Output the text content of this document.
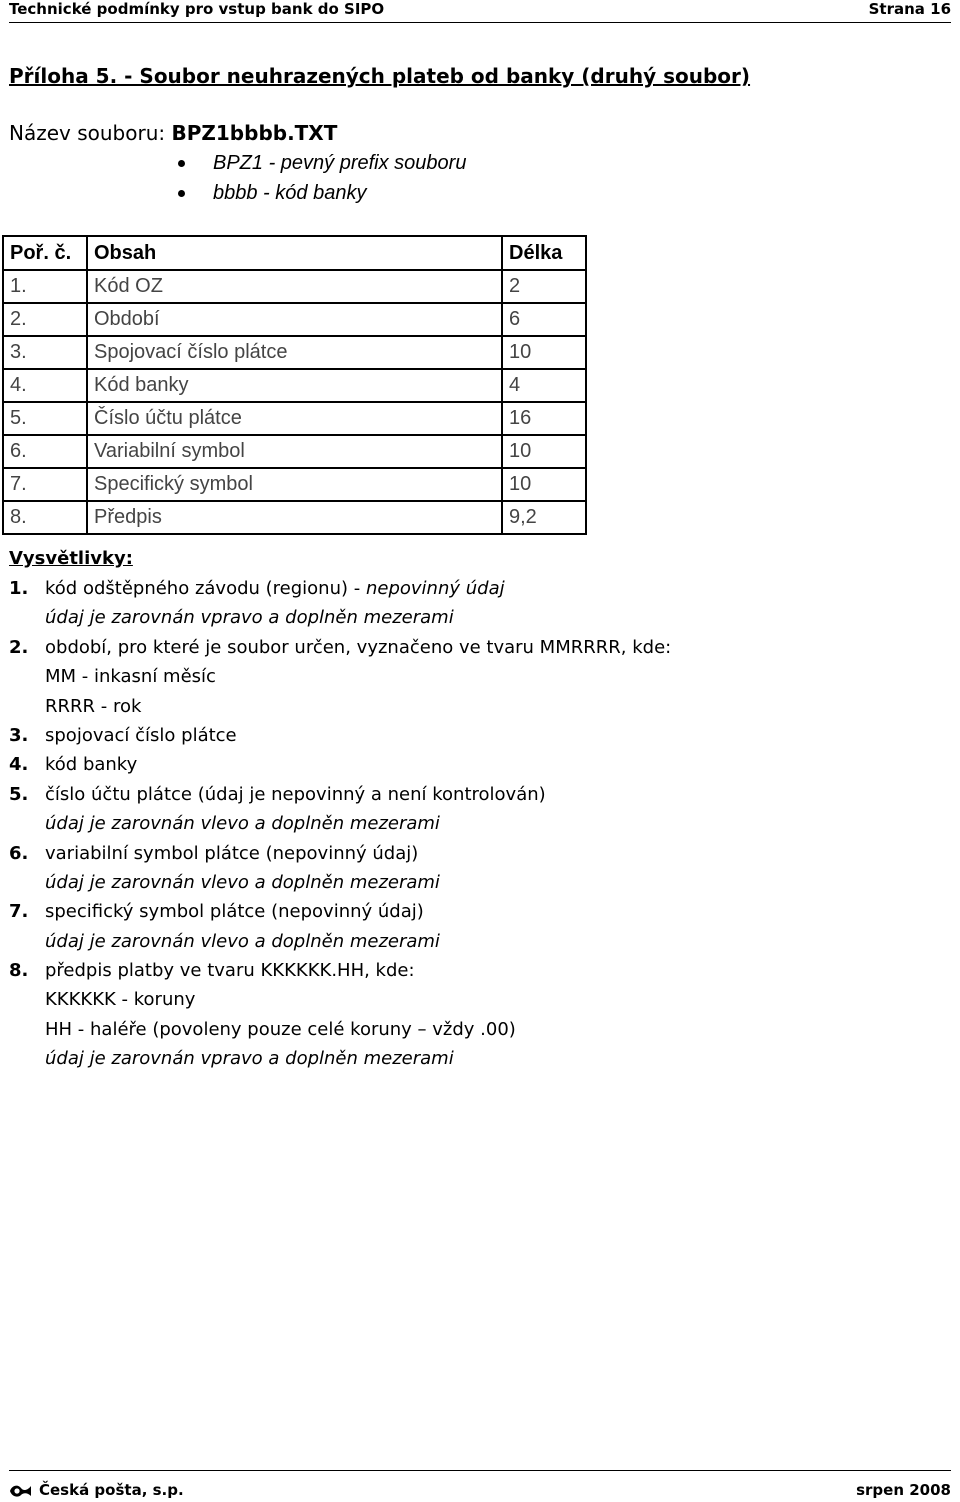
Technické podmínky pro vstup bank do SIPO	Strana 16
Příloha 5. - Soubor neuhrazených plateb od banky (druhý soubor)
Název souboru: BPZ1bbbb.TXT
BPZ1 - pevný prefix souboru
bbbb - kód banky
Poř. č.	Obsah	Délka
1.	Kód OZ	2
2.	Období	6
3.	Spojovací číslo plátce	10
4.	Kód banky	4
5.	Číslo účtu plátce	16
6.	Variabilní symbol	10
7.	Specifický symbol	10
8.	Předpis	9,2
Vysvětlivky:
1. kód odštěpného závodu (regionu) - nepovinný údaj
údaj je zarovnán vpravo a doplněn mezerami
2. období, pro které je soubor určen, vyznačeno ve tvaru MMRRRR, kde:
MM - inkasní měsíc
RRRR - rok
3. spojovací číslo plátce
4. kód banky
5. číslo účtu plátce (údaj je nepovinný a není kontrolován)
údaj je zarovnán vlevo a doplněn mezerami
6. variabilní symbol plátce (nepovinný údaj)
údaj je zarovnán vlevo a doplněn mezerami
7. specifický symbol plátce (nepovinný údaj)
údaj je zarovnán vlevo a doplněn mezerami
8. předpis platby ve tvaru KKKKKK.HH, kde:
KKKKKK - koruny
HH - haléře (povoleny pouze celé koruny – vždy .00)
údaj je zarovnán vpravo a doplněn mezerami
Česká pošta, s.p.	srpen 2008
